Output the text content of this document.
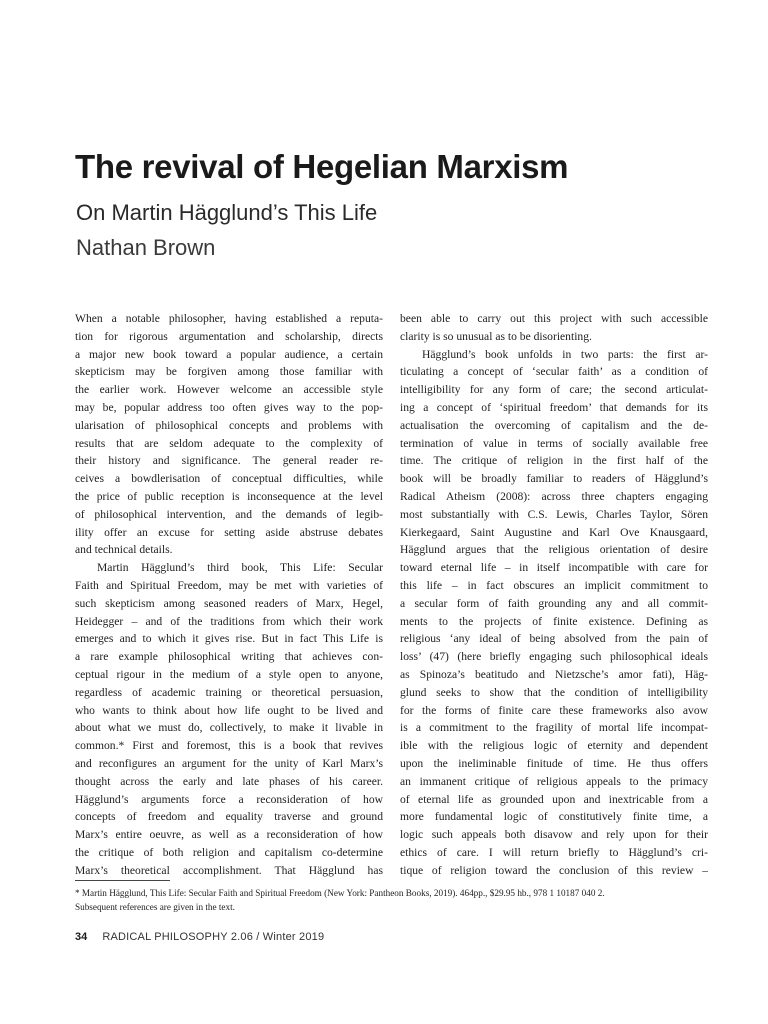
The revival of Hegelian Marxism
On Martin Hägglund’s This Life
Nathan Brown
When a notable philosopher, having established a reputa-
tion for rigorous argumentation and scholarship, directs
a major new book toward a popular audience, a certain
skepticism may be forgiven among those familiar with
the earlier work. However welcome an accessible style
may be, popular address too often gives way to the pop-
ularisation of philosophical concepts and problems with
results that are seldom adequate to the complexity of
their history and significance. The general reader re-
ceives a bowdlerisation of conceptual difficulties, while
the price of public reception is inconsequence at the level
of philosophical intervention, and the demands of legib-
ility offer an excuse for setting aside abstruse debates
and technical details.
Martin Hägglund’s third book, This Life: Secular
Faith and Spiritual Freedom, may be met with varieties of
such skepticism among seasoned readers of Marx, Hegel,
Heidegger – and of the traditions from which their work
emerges and to which it gives rise. But in fact This Life is
a rare example philosophical writing that achieves con-
ceptual rigour in the medium of a style open to anyone,
regardless of academic training or theoretical persuasion,
who wants to think about how life ought to be lived and
about what we must do, collectively, to make it livable in
common.* First and foremost, this is a book that revives
and reconfigures an argument for the unity of Karl Marx’s
thought across the early and late phases of his career.
Hägglund’s arguments force a reconsideration of how
concepts of freedom and equality traverse and ground
Marx’s entire oeuvre, as well as a reconsideration of how
the critique of both religion and capitalism co-determine
Marx’s theoretical accomplishment. That Hägglund has
been able to carry out this project with such accessible
clarity is so unusual as to be disorienting.
Hägglund’s book unfolds in two parts: the first ar-
ticulating a concept of ‘secular faith’ as a condition of
intelligibility for any form of care; the second articulat-
ing a concept of ‘spiritual freedom’ that demands for its
actualisation the overcoming of capitalism and the de-
termination of value in terms of socially available free
time. The critique of religion in the first half of the
book will be broadly familiar to readers of Hägglund’s
Radical Atheism (2008): across three chapters engaging
most substantially with C.S. Lewis, Charles Taylor, Sören
Kierkegaard, Saint Augustine and Karl Ove Knausgaard,
Hägglund argues that the religious orientation of desire
toward eternal life – in itself incompatible with care for
this life – in fact obscures an implicit commitment to
a secular form of faith grounding any and all commit-
ments to the projects of finite existence. Defining as
religious ‘any ideal of being absolved from the pain of
loss’ (47) (here briefly engaging such philosophical ideals
as Spinoza’s beatitudo and Nietzsche’s amor fati), Häg-
glund seeks to show that the condition of intelligibility
for the forms of finite care these frameworks also avow
is a commitment to the fragility of mortal life incompat-
ible with the religious logic of eternity and dependent
upon the ineliminable finitude of time. He thus offers
an immanent critique of religious appeals to the primacy
of eternal life as grounded upon and inextricable from a
more fundamental logic of constitutively finite time, a
logic such appeals both disavow and rely upon for their
ethics of care. I will return briefly to Hägglund’s cri-
tique of religion toward the conclusion of this review –
* Martin Hägglund, This Life: Secular Faith and Spiritual Freedom (New York: Pantheon Books, 2019). 464pp., $29.95 hb., 978 1 10187 040 2.
Subsequent references are given in the text.
34 RADICAL PHILOSOPHY 2.06 / Winter 2019
